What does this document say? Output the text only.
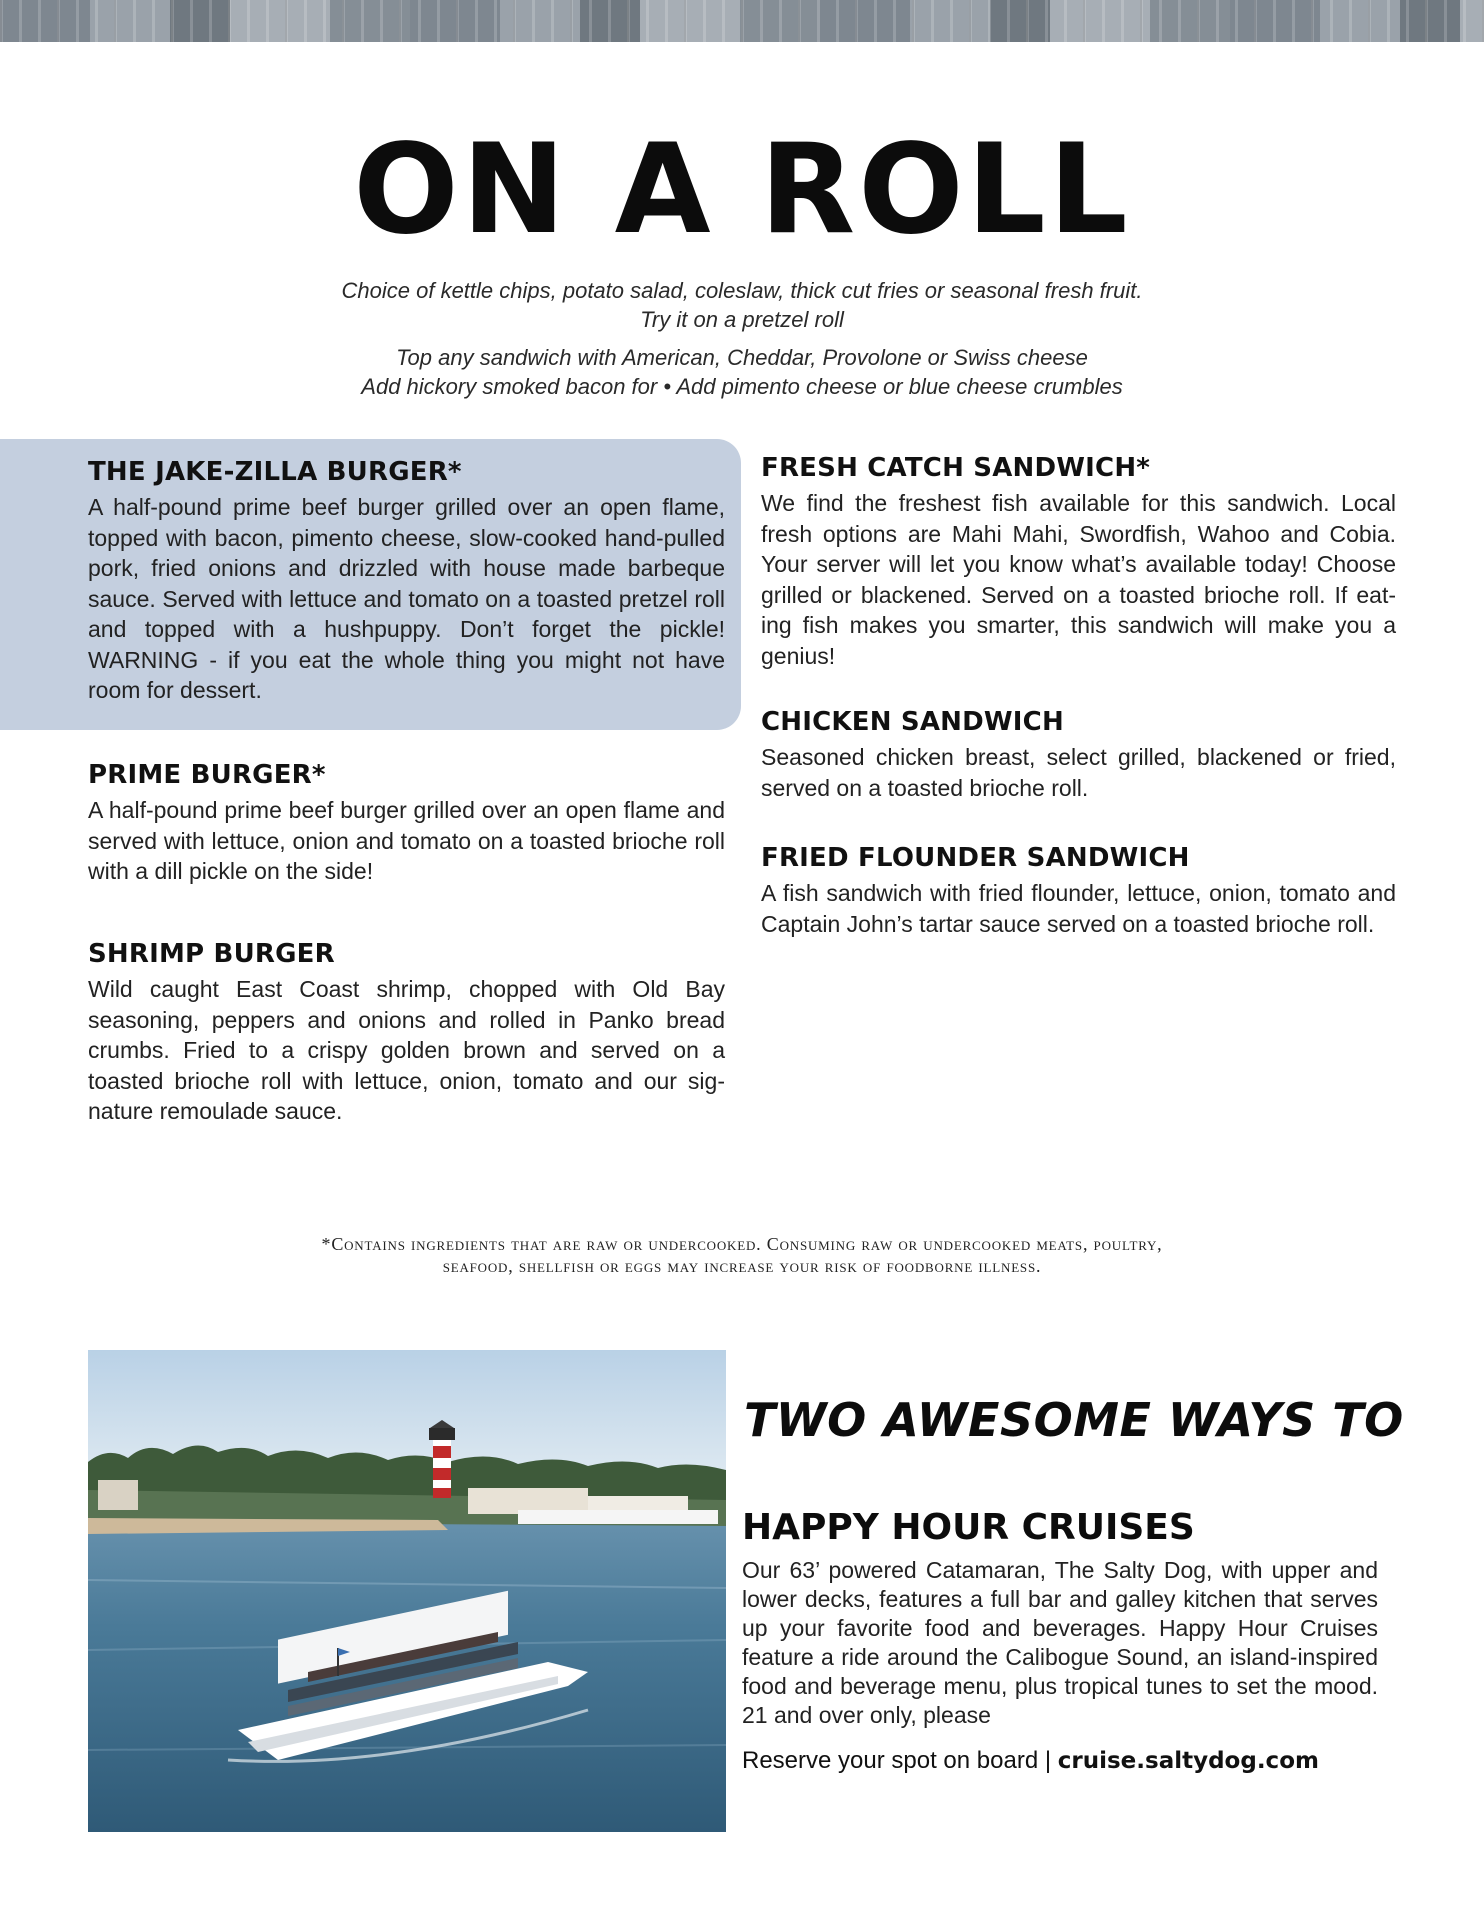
ON A ROLL

Choice of kettle chips, potato salad, coleslaw, thick cut fries or seasonal fresh fruit.

Try it on a pretzel roll

Top any sandwich with American, Cheddar, Provolone or Swiss cheese

Add hickory smoked bacon for • Add pimento cheese or blue cheese crumbles

THE JAKE-ZILLA BURGER*
A half-pound prime beef burger grilled over an open flame, topped with bacon, pimento cheese, slow-cooked hand-pulled pork, fried onions and drizzled with house made barbeque sauce. Served with lettuce and tomato on a toasted pretzel roll and topped with a hushpuppy. Don’t forget the pickle! WARNING - if you eat the whole thing you might not have room for dessert.
PRIME BURGER*
A half-pound prime beef burger grilled over an open flame and served with lettuce, onion and tomato on a toasted brioche roll with a dill pickle on the side!
SHRIMP BURGER
Wild caught East Coast shrimp, chopped with Old Bay seasoning, peppers and onions and rolled in Panko bread crumbs. Fried to a crispy golden brown and served on a toasted brioche roll with lettuce, onion, tomato and our sig-nature remoulade sauce.
FRESH CATCH SANDWICH*
We find the freshest fish available for this sandwich. Local fresh options are Mahi Mahi, Swordfish, Wahoo and Cobia. Your server will let you know what’s available today! Choose grilled or blackened. Served on a toasted brioche roll. If eat-ing fish makes you smarter, this sandwich will make you a genius!
CHICKEN SANDWICH
Seasoned chicken breast, select grilled, blackened or fried, served on a toasted brioche roll.
FRIED FLOUNDER SANDWICH
A fish sandwich with fried flounder, lettuce, onion, tomato and Captain John’s tartar sauce served on a toasted brioche roll.
*Contains ingredients that are raw or undercooked. Consuming raw or undercooked meats, poultry,
seafood, shellfish or eggs may increase your risk of foodborne illness.
TWO AWESOME WAYS TO
HAPPY HOUR CRUISES

Our 63’ powered Catamaran, The Salty Dog, with upper and lower decks, features a full bar and galley kitchen that serves up your favorite food and beverages. Happy Hour Cruises feature a ride around the Calibogue Sound, an island-inspired food and beverage menu, plus tropical tunes to set the mood. 21 and over only, please

Reserve your spot on board | cruise.saltydog.com
